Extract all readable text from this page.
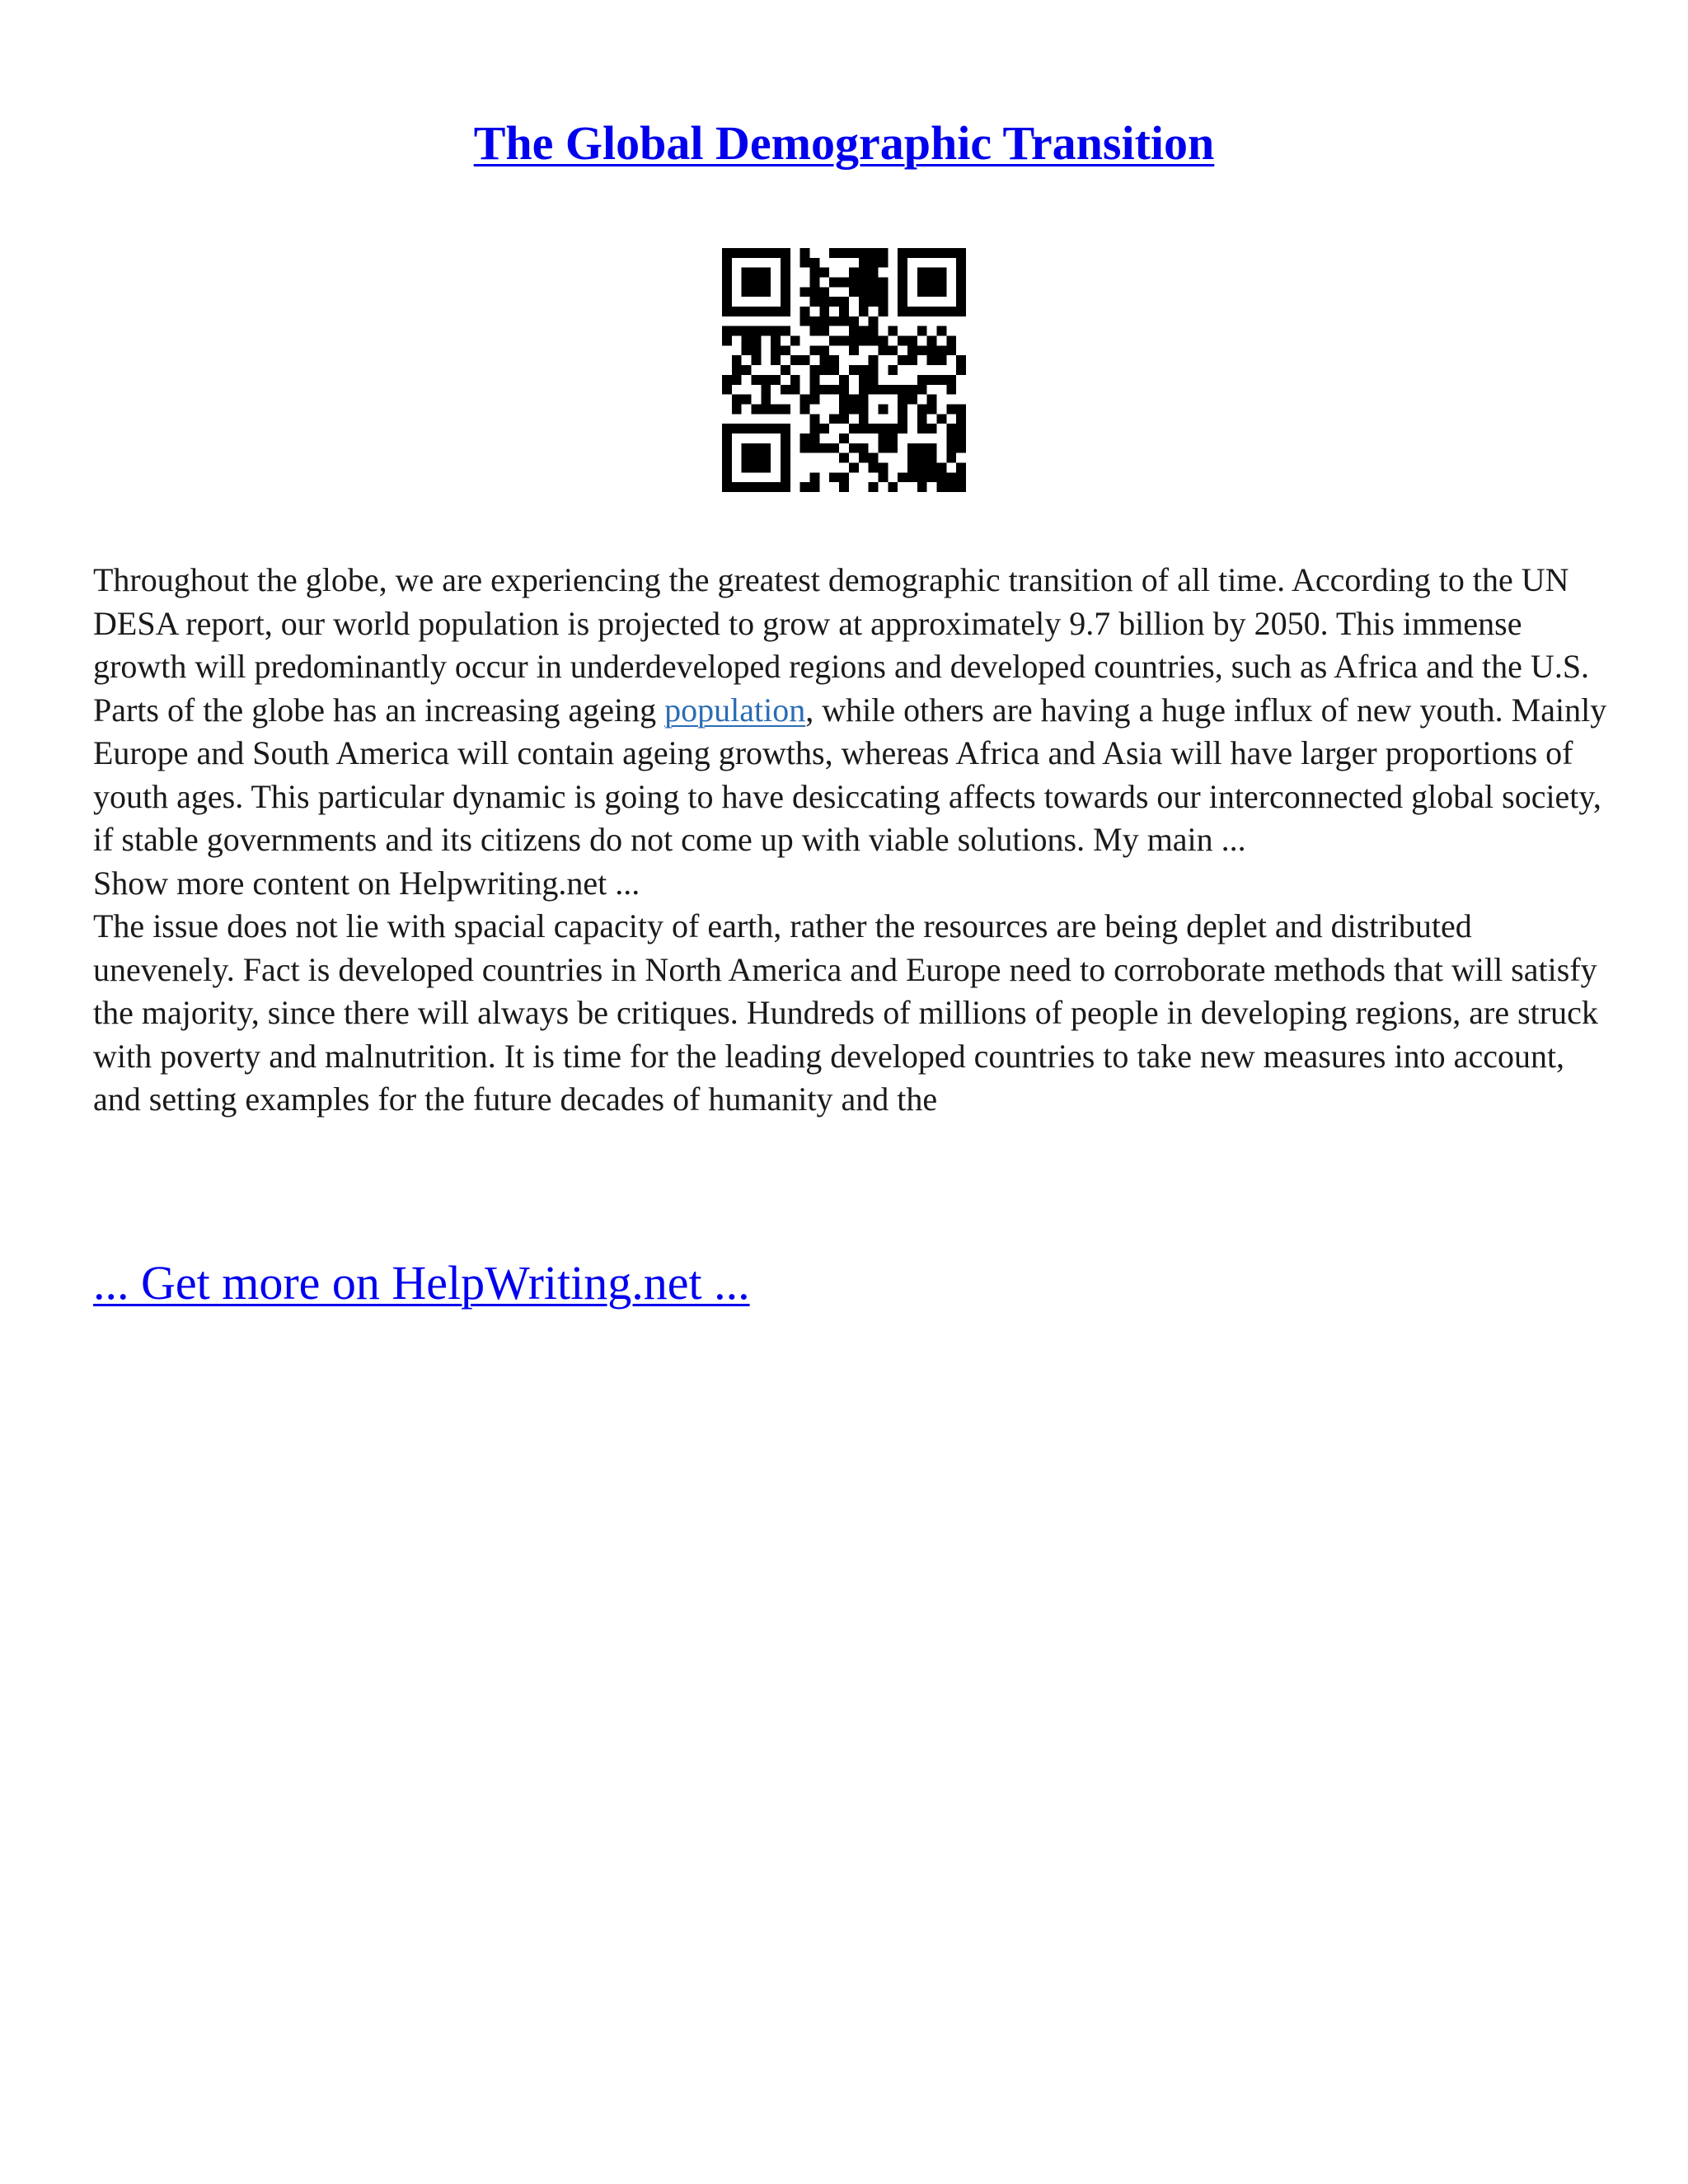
The Global Demographic Transition

Throughout the globe, we are experiencing the greatest demographic transition of all time. According to the UN DESA report, our world population is projected to grow at approximately 9.7 billion by 2050. This immense growth will predominantly occur in underdeveloped regions and developed countries, such as Africa and the U.S. Parts of the globe has an increasing ageing population, while others are having a huge influx of new youth. Mainly Europe and South America will contain ageing growths, whereas Africa and Asia will have larger proportions of youth ages. This particular dynamic is going to have desiccating affects towards our interconnected global society, if stable governments and its citizens do not come up with viable solutions. My main ...
Show more content on Helpwriting.net ...

The issue does not lie with spacial capacity of earth, rather the resources are being deplet and distributed unevenely. Fact is developed countries in North America and Europe need to corroborate methods that will satisfy the majority, since there will always be critiques. Hundreds of millions of people in developing regions, are struck with poverty and malnutrition. It is time for the leading developed countries to take new measures into account, and setting examples for the future decades of humanity and the

... Get more on HelpWriting.net ...
